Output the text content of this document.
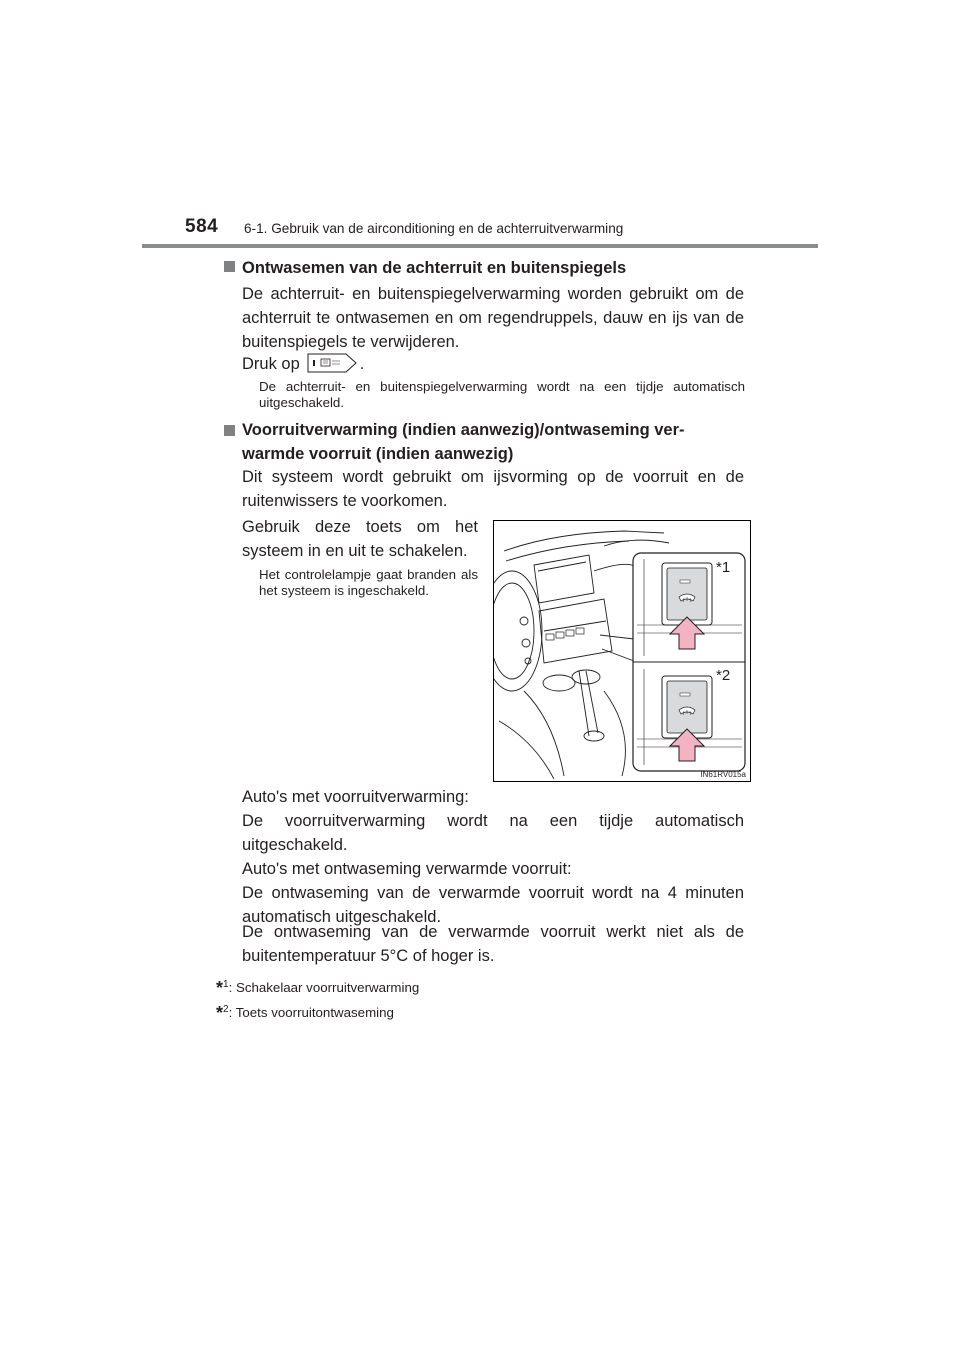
584 6-1. Gebruik van de airconditioning en de achterruitverwarming
Ontwasemen van de achterruit en buitenspiegels
De achterruit- en buitenspiegelverwarming worden gebruikt om de achterruit te ontwasemen en om regendruppels, dauw en ijs van de buitenspiegels te verwijderen.
Druk op	.
De achterruit- en buitenspiegelverwarming wordt na een tijdje automatisch uitgeschakeld.
Voorruitverwarming (indien aanwezig)/ontwaseming ver-
warmde voorruit (indien aanwezig)
Dit systeem wordt gebruikt om ijsvorming op de voorruit en de ruitenwissers te voorkomen.
Gebruik deze toets om het systeem in en uit te schakelen.
Het controlelampje gaat branden als het systeem is ingeschakeld.
*1
*2
IN61RV015a
Auto's met voorruitverwarming:
De voorruitverwarming wordt na een tijdje automatisch uitgeschakeld.
Auto's met ontwaseming verwarmde voorruit:
De ontwaseming van de verwarmde voorruit wordt na 4 minuten automatisch uitgeschakeld.
De ontwaseming van de verwarmde voorruit werkt niet als de buitentemperatuur 5°C of hoger is.
*$^1$: Schakelaar voorruitverwarming
*$^2$: Toets voorruitontwaseming
